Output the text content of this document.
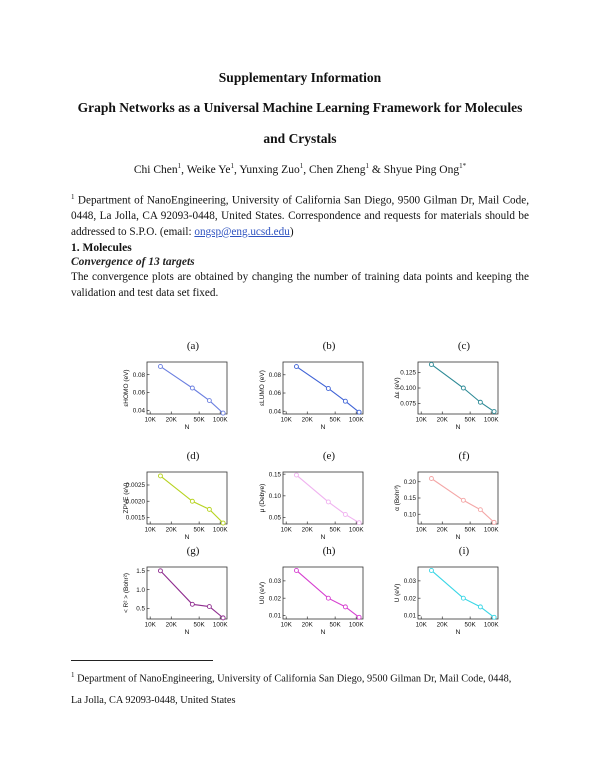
Supplementary Information
Graph Networks as a Universal Machine Learning Framework for Molecules
and Crystals
Chi Chen$^1$, Weike Ye$^1$, Yunxing Zuo$^1$, Chen Zheng$^1$ & Shyue Ping Ong$^{1*}$
$^1$ Department of NanoEngineering, University of California San Diego, 9500 Gilman Dr, Mail Code, 0448, La Jolla, CA 92093-0448, United States. Correspondence and requests for materials should be addressed to S.P.O. (email: ongsp@eng.ucsd.edu)
1. Molecules
Convergence of 13 targets
The convergence plots are obtained by changing the number of training data points and keeping the validation and test data set fixed.
(a)
0.04
0.06
0.08
10K 20K	50K 100K
N
εHOMO (eV)
(b)
0.04
0.06
0.08
10K 20K	50K 100K
N
εLUMO (eV)
(c)
0.075
0.100
0.125
10K 20K	50K 100K
N
Δε (eV)
(d)
0.0015
0.0020
0.0025
10K 20K	50K 100K
N
ZPVE (eV)
(e)
0.05
0.10
0.15
10K 20K	50K 100K
N
μ (Debye)
(f)
0.10
0.15
0.20
10K 20K	50K 100K
N
α (Bohr³)
(g)
0.5
1.0
1.5
10K 20K	50K 100K
N
< R² > (Bohr²)
(h)
0.01
0.02
0.03
10K 20K	50K 100K
N
U0 (eV)
(i)
0.01
0.02
0.03
10K 20K	50K 100K
N
U (eV)
$^1$ Department of NanoEngineering, University of California San Diego, 9500 Gilman Dr, Mail Code, 0448,
La Jolla, CA 92093-0448, United States
